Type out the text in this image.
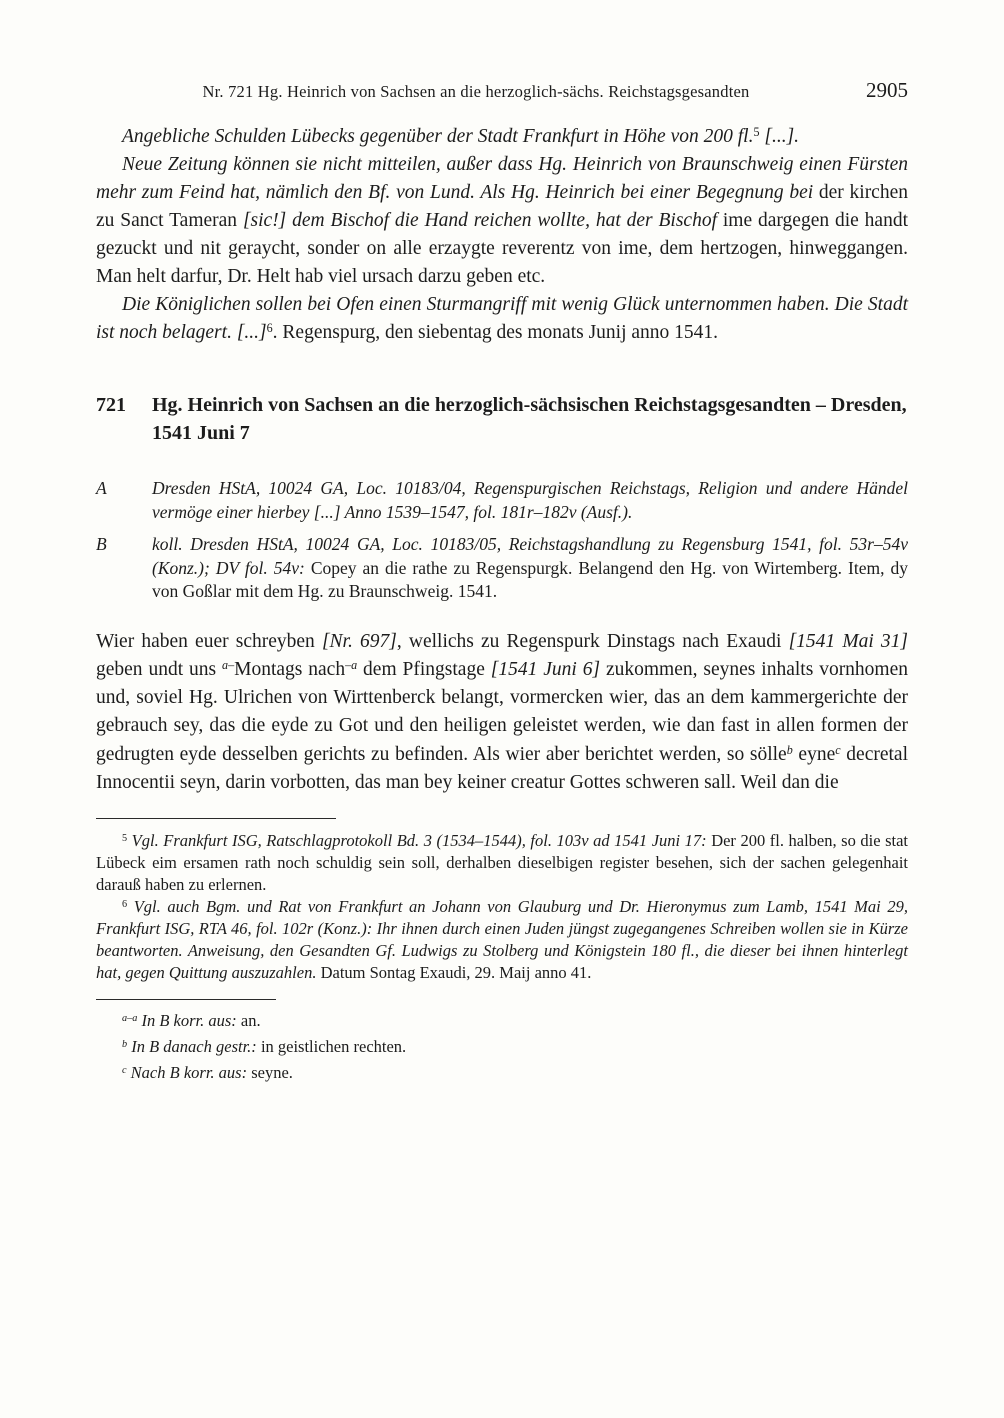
Nr. 721 Hg. Heinrich von Sachsen an die herzoglich-sächs. Reichstagsgesandten	2905

Angebliche Schulden Lübecks gegenüber der Stadt Frankfurt in Höhe von 200 fl.$^5$ [...].

Neue Zeitung können sie nicht mitteilen, außer dass Hg. Heinrich von Braunschweig einen Fürsten mehr zum Feind hat, nämlich den Bf. von Lund. Als Hg. Heinrich bei einer Begegnung bei der kirchen zu Sanct Tameran [sic!] dem Bischof die Hand reichen wollte, hat der Bischof ime dargegen die handt gezuckt und nit geraycht, sonder on alle erzaygte reverentz von ime, dem hertzogen, hinweggangen. Man helt darfur, Dr. Helt hab viel ursach darzu geben etc.

Die Königlichen sollen bei Ofen einen Sturmangriff mit wenig Glück unternommen haben. Die Stadt ist noch belagert. [...]$^6$. Regenspurg, den siebentag des monats Junij anno 1541.

721	Hg. Heinrich von Sachsen an die herzoglich-sächsischen Reichstagsgesandten – Dresden, 1541 Juni 7
A	Dresden HStA, 10024 GA, Loc. 10183/04, Regenspurgischen Reichstags, Religion und andere Händel vermöge einer hierbey [...] Anno 1539–1547, fol. 181r–182v (Ausf.).

B	koll. Dresden HStA, 10024 GA, Loc. 10183/05, Reichstagshandlung zu Regensburg 1541, fol. 53r–54v (Konz.); DV fol. 54v: Copey an die rathe zu Regenspurgk. Belangend den Hg. von Wirtemberg. Item, dy von Goßlar mit dem Hg. zu Braunschweig. 1541.

Wier haben euer schreyben [Nr. 697], wellichs zu Regenspurk Dinstags nach Exaudi [1541 Mai 31] geben undt uns $^{a-}$Montags nach$^{-a}$ dem Pfingstage [1541 Juni 6] zukommen, seynes inhalts vornhomen und, soviel Hg. Ulrichen von Wirttenberck belangt, vormercken wier, das an dem kammergerichte der gebrauch sey, das die eyde zu Got und den heiligen geleistet werden, wie dan fast in allen formen der gedrugten eyde desselben gerichts zu befinden. Als wier aber berichtet werden, so sölle$^b$ eyne$^c$ decretal Innocentii seyn, darin vorbotten, das man bey keiner creatur Gottes schweren sall. Weil dan die

$^5$ Vgl. Frankfurt ISG, Ratschlagprotokoll Bd. 3 (1534–1544), fol. 103v ad 1541 Juni 17: Der 200 fl. halben, so die stat Lübeck eim ersamen rath noch schuldig sein soll, derhalben dieselbigen register besehen, sich der sachen gelegenhait darauß haben zu erlernen.

$^6$ Vgl. auch Bgm. und Rat von Frankfurt an Johann von Glauburg und Dr. Hieronymus zum Lamb, 1541 Mai 29, Frankfurt ISG, RTA 46, fol. 102r (Konz.): Ihr ihnen durch einen Juden jüngst zugegangenes Schreiben wollen sie in Kürze beantworten. Anweisung, den Gesandten Gf. Ludwigs zu Stolberg und Königstein 180 fl., die dieser bei ihnen hinterlegt hat, gegen Quittung auszuzahlen. Datum Sontag Exaudi, 29. Maij anno 41.

$^{a-a}$ In B korr. aus: an.

$^b$ In B danach gestr.: in geistlichen rechten.

$^c$ Nach B korr. aus: seyne.
